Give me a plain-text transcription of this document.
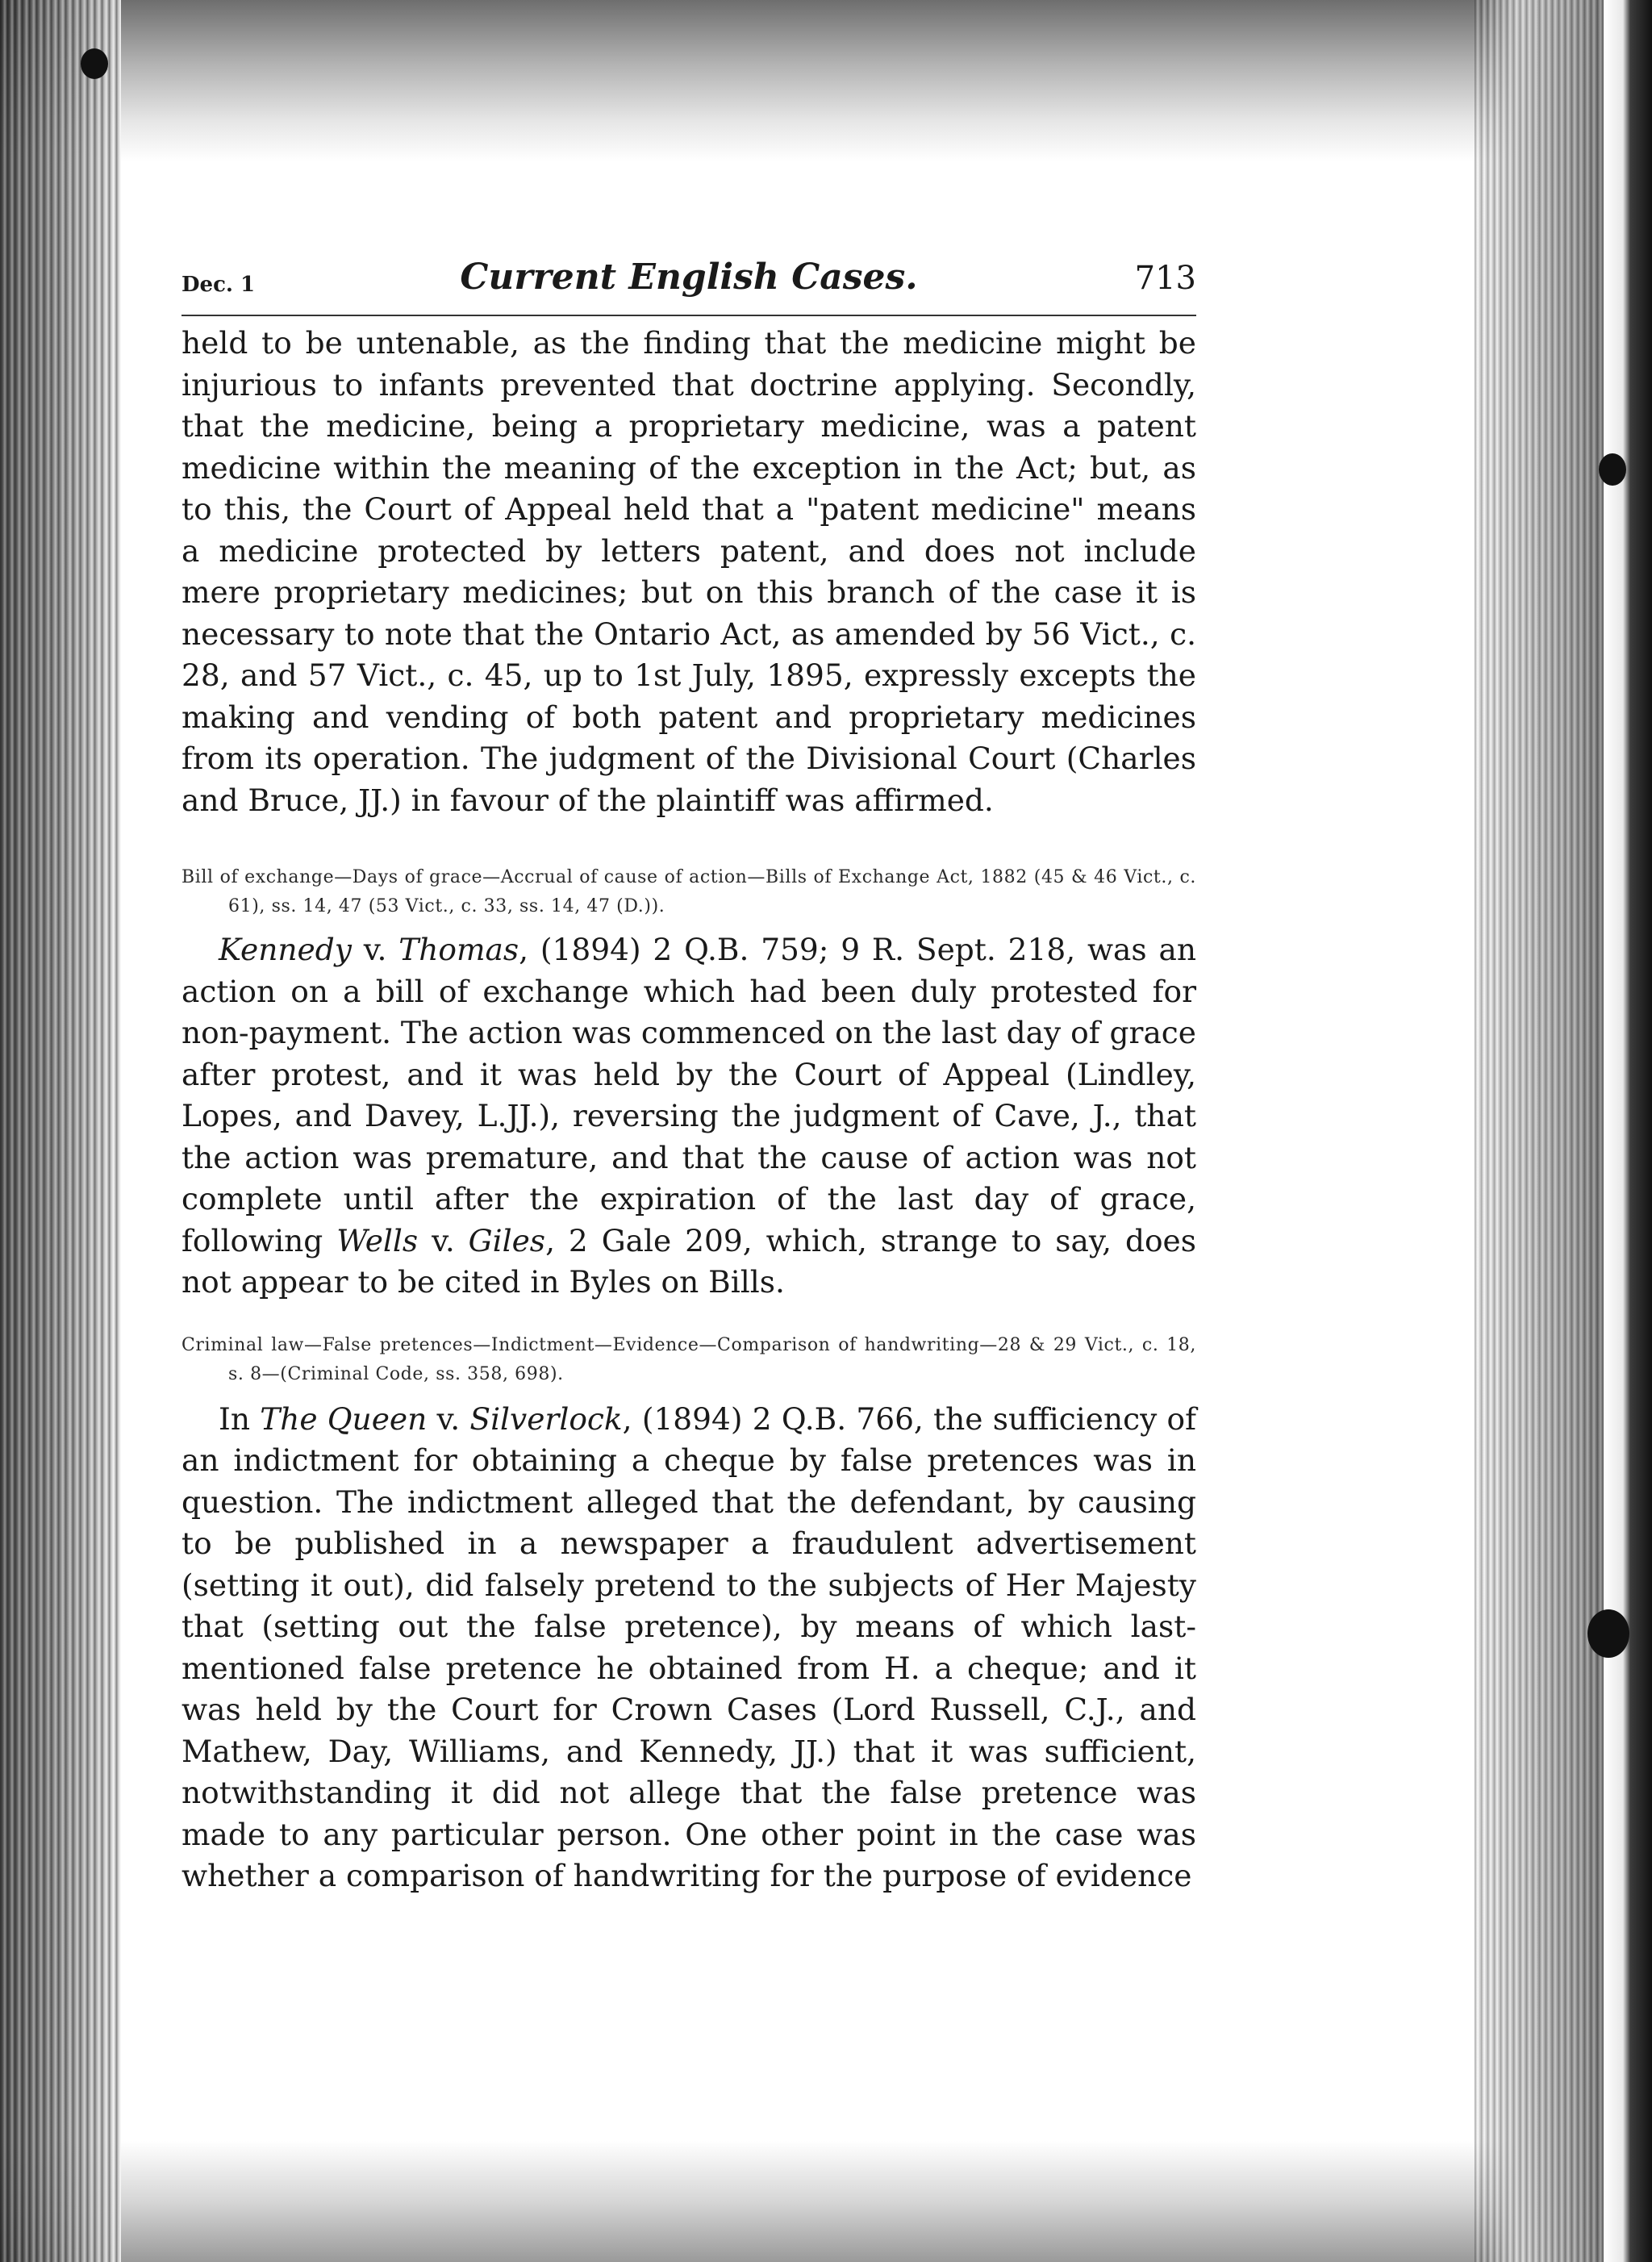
Dec. 1	Current English Cases.	713

held to be untenable, as the finding that the medicine might be injurious to infants prevented that doctrine applying. Secondly, that the medicine, being a proprietary medicine, was a patent medicine within the meaning of the exception in the Act; but, as to this, the Court of Appeal held that a "patent medicine" means a medicine protected by letters patent, and does not include mere proprietary medicines; but on this branch of the case it is necessary to note that the Ontario Act, as amended by 56 Vict., c. 28, and 57 Vict., c. 45, up to 1st July, 1895, expressly excepts the making and vending of both patent and proprietary medicines from its operation. The judgment of the Divisional Court (Charles and Bruce, JJ.) in favour of the plaintiff was affirmed.

Bill of exchange—Days of grace—Accrual of cause of action—Bills of Exchange Act, 1882 (45 & 46 Vict., c. 61), ss. 14, 47 (53 Vict., c. 33, ss. 14, 47 (D.)).

Kennedy v. Thomas, (1894) 2 Q.B. 759; 9 R. Sept. 218, was an action on a bill of exchange which had been duly protested for non-payment. The action was commenced on the last day of grace after protest, and it was held by the Court of Appeal (Lindley, Lopes, and Davey, L.JJ.), reversing the judgment of Cave, J., that the action was premature, and that the cause of action was not complete until after the expiration of the last day of grace, following Wells v. Giles, 2 Gale 209, which, strange to say, does not appear to be cited in Byles on Bills.

Criminal law—False pretences—Indictment—Evidence—Comparison of handwriting—28 & 29 Vict., c. 18, s. 8—(Criminal Code, ss. 358, 698).

In The Queen v. Silverlock, (1894) 2 Q.B. 766, the sufficiency of an indictment for obtaining a cheque by false pretences was in question. The indictment alleged that the defendant, by causing to be published in a newspaper a fraudulent advertisement (setting it out), did falsely pretend to the subjects of Her Majesty that (setting out the false pretence), by means of which last-mentioned false pretence he obtained from H. a cheque; and it was held by the Court for Crown Cases (Lord Russell, C.J., and Mathew, Day, Williams, and Kennedy, JJ.) that it was sufficient, notwithstanding it did not allege that the false pretence was made to any particular person. One other point in the case was whether a comparison of handwriting for the purpose of evidence
